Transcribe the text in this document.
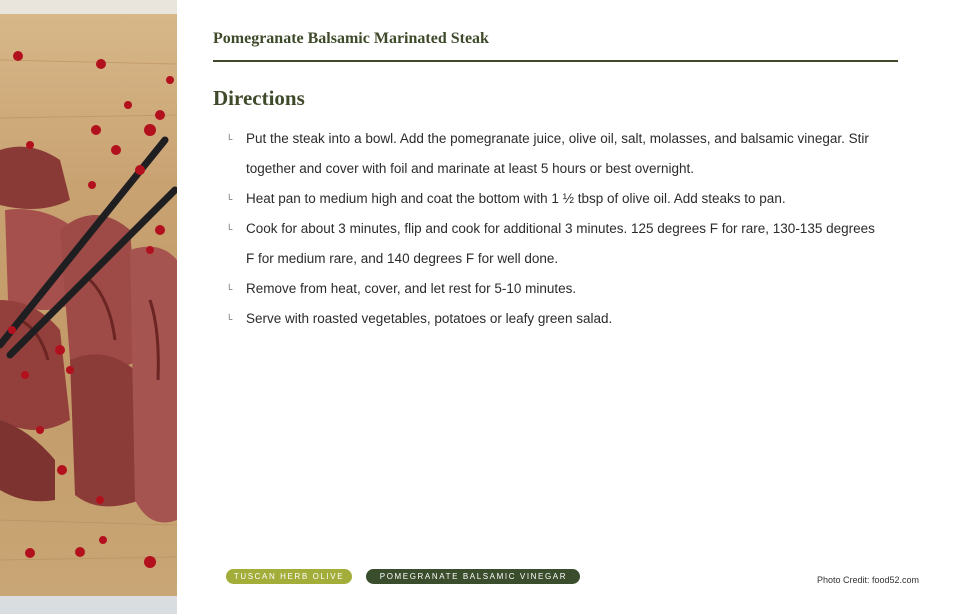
Pomegranate Balsamic Marinated Steak
Directions
└ Put the steak into a bowl. Add the pomegranate juice, olive oil, salt, molasses, and balsamic vinegar. Stir together and cover with foil and marinate at least 5 hours or best overnight.
└ Heat pan to medium high and coat the bottom with 1 ½ tbsp of olive oil. Add steaks to pan.
└ Cook for about 3 minutes, flip and cook for additional 3 minutes. 125 degrees F for rare, 130-135 degrees F for medium rare, and 140 degrees F for well done.
└ Remove from heat, cover, and let rest for 5-10 minutes.
└ Serve with roasted vegetables, potatoes or leafy green salad.
TUSCAN HERB OLIVE OIL POMEGRANATE BALSAMIC VINEGAR	Photo Credit: food52.com
